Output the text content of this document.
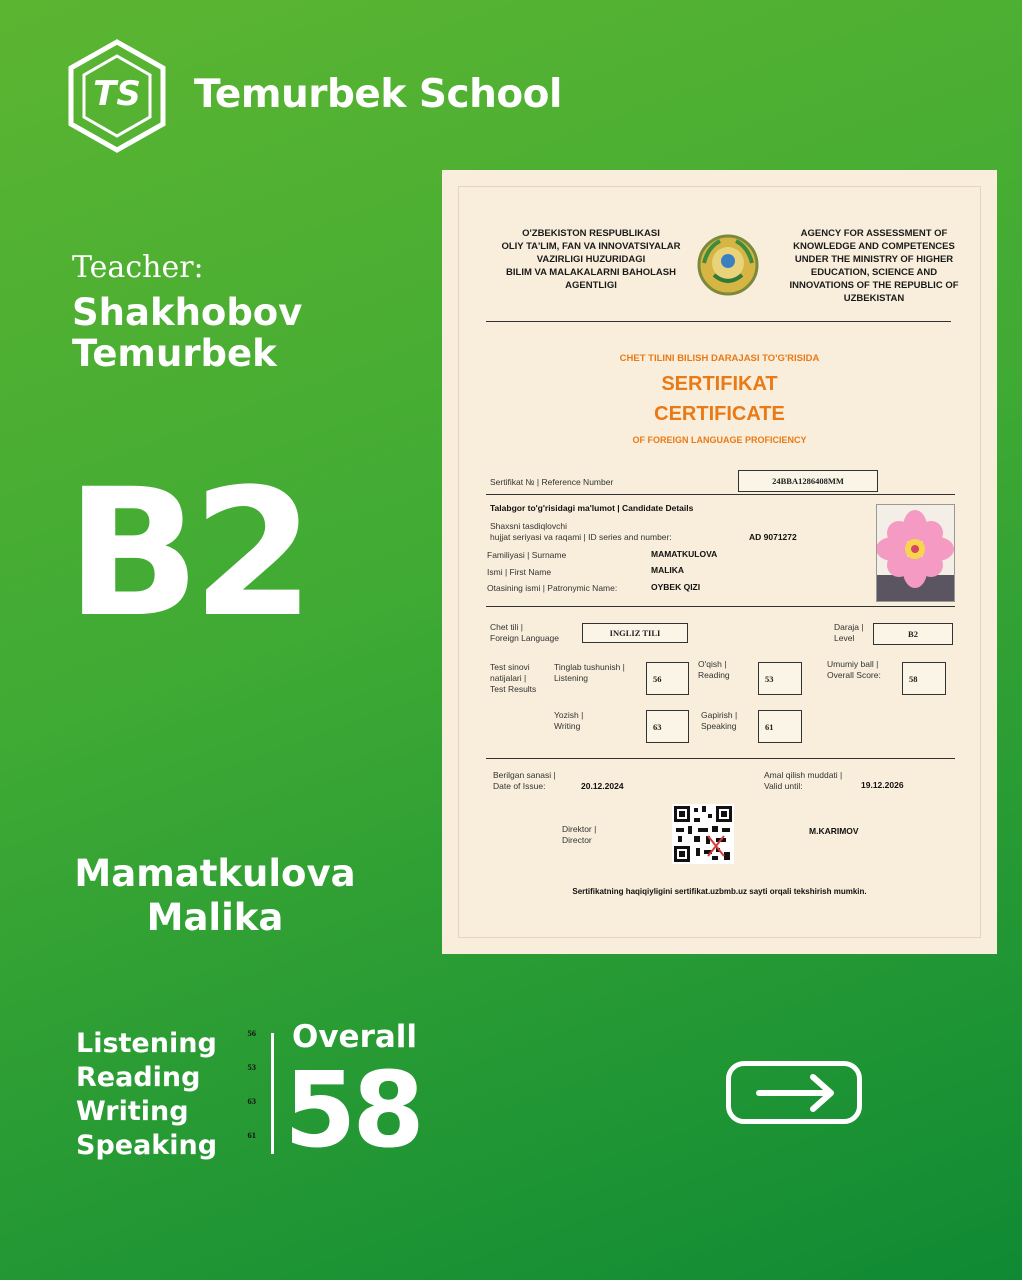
TS	Temurbek School
Teacher:
Shakhobov
Temurbek
B2
Mamatkulova
Malika
Listening	56
Reading	53
Writing	63
Speaking	61
Overall
58
O'ZBEKISTON RESPUBLIKASI
OLIY TA'LIM, FAN VA INNOVATSIYALAR
VAZIRLIGI HUZURIDAGI
BILIM VA MALAKALARNI BAHOLASH
AGENTLIGI
AGENCY FOR ASSESSMENT OF
KNOWLEDGE AND COMPETENCES
UNDER THE MINISTRY OF HIGHER
EDUCATION, SCIENCE AND
INNOVATIONS OF THE REPUBLIC OF
UZBEKISTAN
CHET TILINI BILISH DARAJASI TO'G'RISIDA
SERTIFIKAT
CERTIFICATE
OF FOREIGN LANGUAGE PROFICIENCY
Sertifikat № | Reference Number	24BBA1286408MM
Talabgor to'g'risidagi ma'lumot | Candidate Details
Shaxsni tasdiqlovchi
hujjat seriyasi va raqami | ID series and number:	AD 9071272
Familiyasi | Surname	MAMATKULOVA
Ismi | First Name	MALIKA
Otasining ismi | Patronymic Name:	OYBEK QIZI
Chet tili |
Foreign Language	INGLIZ TILI
Daraja |
Level	B2
Test sinovi
natijalari |
Test Results
Tinglab tushunish |
Listening	56
O'qish |
Reading	53
Umumiy ball |
Overall Score:	58
Yozish |
Writing	63
Gapirish |
Speaking	61
Berilgan sanasi |
Date of Issue:	20.12.2024
Amal qilish muddati |
Valid until:	19.12.2026
Direktor |
Director
M.KARIMOV
Sertifikatning haqiqiyligini sertifikat.uzbmb.uz sayti orqali tekshirish mumkin.
